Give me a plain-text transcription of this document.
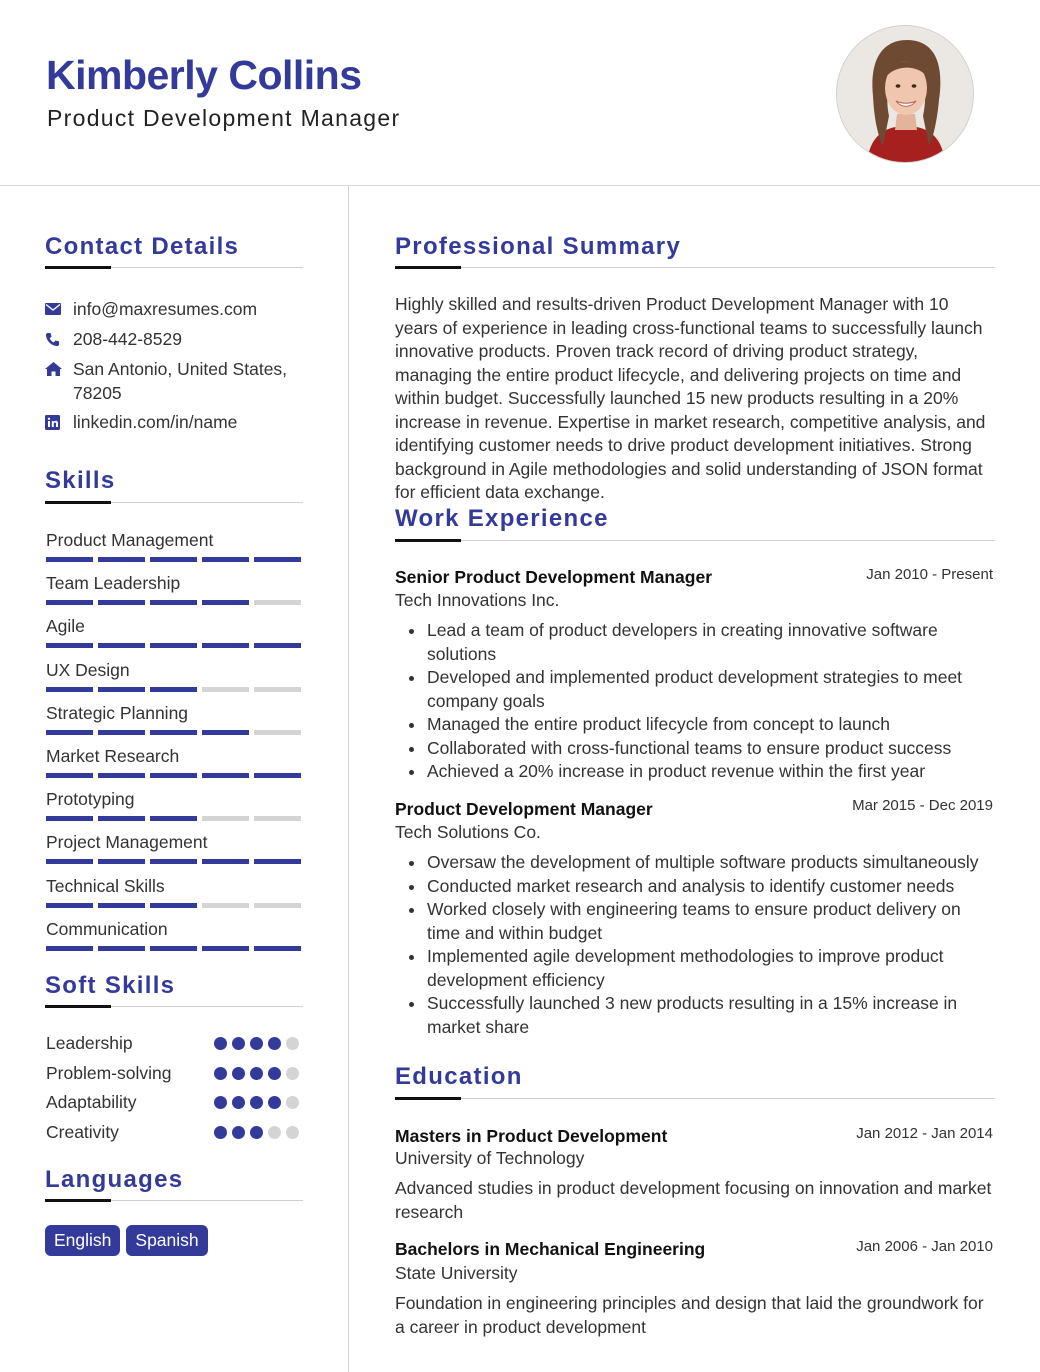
Kimberly Collins
Product Development Manager
Contact Details
info@maxresumes.com
208-442-8529
San Antonio, United States,
78205
linkedin.com/in/name
Skills
Product Management
Team Leadership
Agile
UX Design
Strategic Planning
Market Research
Prototyping
Project Management
Technical Skills
Communication
Soft Skills
Leadership
Problem-solving
Adaptability
Creativity
Languages
English	Spanish
Professional Summary
Highly skilled and results-driven Product Development Manager with 10 years of experience in leading cross-functional teams to successfully launch innovative products. Proven track record of driving product strategy, managing the entire product lifecycle, and delivering projects on time and within budget. Successfully launched 15 new products resulting in a 20% increase in revenue. Expertise in market research, competitive analysis, and identifying customer needs to drive product development initiatives. Strong background in Agile methodologies and solid understanding of JSON format for efficient data exchange.
Work Experience
Senior Product Development Manager	Jan 2010 - Present
Tech Innovations Inc.
Lead a team of product developers in creating innovative software solutions
Developed and implemented product development strategies to meet company goals
Managed the entire product lifecycle from concept to launch
Collaborated with cross-functional teams to ensure product success
Achieved a 20% increase in product revenue within the first year
Product Development Manager	Mar 2015 - Dec 2019
Tech Solutions Co.
Oversaw the development of multiple software products simultaneously
Conducted market research and analysis to identify customer needs
Worked closely with engineering teams to ensure product delivery on time and within budget
Implemented agile development methodologies to improve product development efficiency
Successfully launched 3 new products resulting in a 15% increase in market share
Education
Masters in Product Development	Jan 2012 - Jan 2014
University of Technology
Advanced studies in product development focusing on innovation and market research
Bachelors in Mechanical Engineering	Jan 2006 - Jan 2010
State University
Foundation in engineering principles and design that laid the groundwork for a career in product development
